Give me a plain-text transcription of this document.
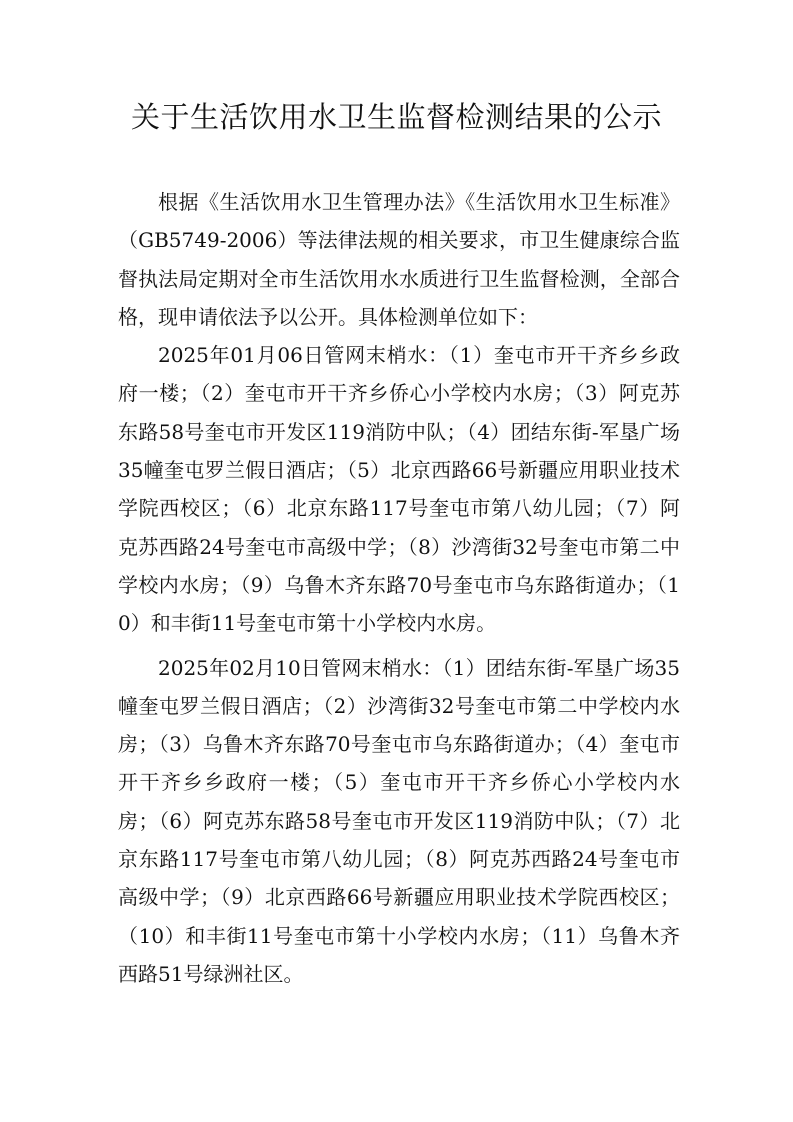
关于生活饮用水卫生监督检测结果的公示

根据《生活饮用水卫生管理办法》《生活饮用水卫生标准》（GB5749-2006）等法律法规的相关要求，市卫生健康综合监督执法局定期对全市生活饮用水水质进行卫生监督检测，全部合格，现申请依法予以公开。具体检测单位如下：

2025年01月06日管网末梢水：（1）奎屯市开干齐乡乡政府一楼；（2）奎屯市开干齐乡侨心小学校内水房；（3）阿克苏东路58号奎屯市开发区119消防中队；（4）团结东街-军垦广场35幢奎屯罗兰假日酒店；（5）北京西路66号新疆应用职业技术学院西校区；（6）北京东路117号奎屯市第八幼儿园；（7）阿克苏西路24号奎屯市高级中学；（8）沙湾街32号奎屯市第二中学校内水房；（9）乌鲁木齐东路70号奎屯市乌东路街道办；（10）和丰街11号奎屯市第十小学校内水房。

2025年02月10日管网末梢水：（1）团结东街-军垦广场35幢奎屯罗兰假日酒店；（2）沙湾街32号奎屯市第二中学校内水房；（3）乌鲁木齐东路70号奎屯市乌东路街道办；（4）奎屯市开干齐乡乡政府一楼；（5）奎屯市开干齐乡侨心小学校内水房；（6）阿克苏东路58号奎屯市开发区119消防中队；（7）北京东路117号奎屯市第八幼儿园；（8）阿克苏西路24号奎屯市高级中学；（9）北京西路66号新疆应用职业技术学院西校区；（10）和丰街11号奎屯市第十小学校内水房；（11）乌鲁木齐西路51号绿洲社区。
